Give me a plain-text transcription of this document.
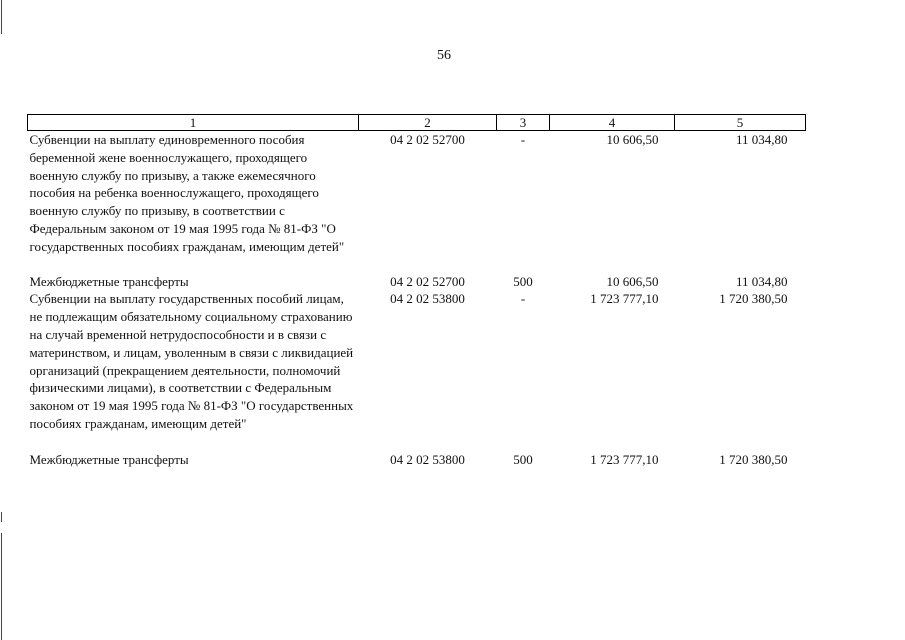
56
1	2	3	4	5
Субвенции на выплату единовременного пособия беременной жене военнослужащего, проходящего военную службу по призыву, а также ежемесячного пособия на ребенка военнослужащего, проходящего военную службу по призыву, в соответствии с Федеральным законом от 19 мая 1995 года № 81-ФЗ "О государственных пособиях гражданам, имеющим детей"	04 2 02 52700	-	10 606,50	11 034,80

Межбюджетные трансферты	04 2 02 52700	500	10 606,50	11 034,80
Субвенции на выплату государственных пособий лицам, не подлежащим обязательному социальному страхованию на случай временной нетрудоспособности и в связи с материнством, и лицам, уволенным в связи с ликвидацией организаций (прекращением деятельности, полномочий физическими лицами), в соответствии с Федеральным законом от 19 мая 1995 года № 81-ФЗ "О государственных пособиях гражданам, имеющим детей"	04 2 02 53800	-	1 723 777,10	1 720 380,50

Межбюджетные трансферты	04 2 02 53800	500	1 723 777,10	1 720 380,50
